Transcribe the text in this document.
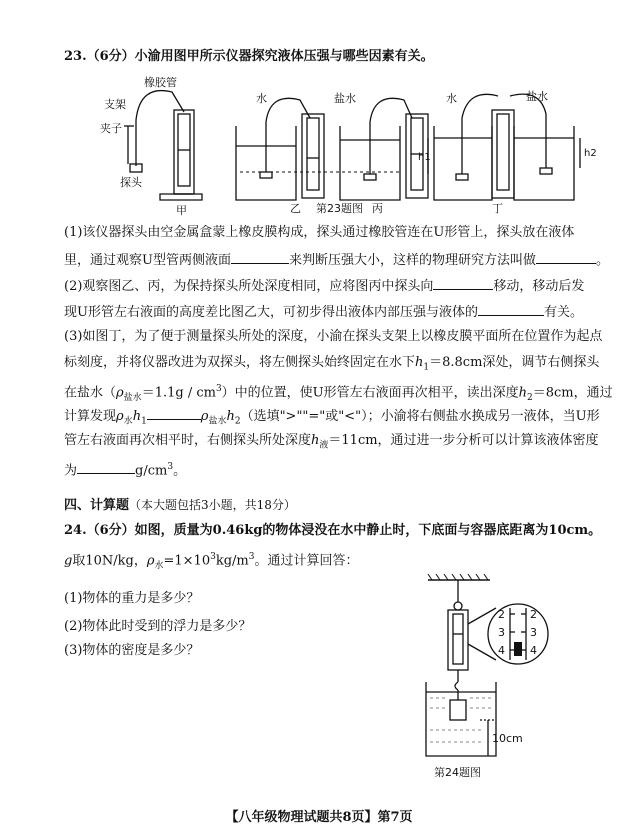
23.（6分）小渝用图甲所示仪器探究液体压强与哪些因素有关。
橡胶管
支架
夹子
探头
甲
水	盐水	水	盐水
h1	h2
乙 第23题图 丙	丁
(1)该仪器探头由空金属盒蒙上橡皮膜构成，探头通过橡胶管连在U形管上，探头放在液体
里，通过观察U型管两侧液面	来判断压强大小，这样的物理研究方法叫做	。
(2)观察图乙、丙，为保持探头所处深度相同，应将图丙中探头向	移动，移动后发
现U形管左右液面的高度差比图乙大，可初步得出液体内部压强与液体的	有关。
(3)如图丁，为了便于测量探头所处的深度，小渝在探头支架上以橡皮膜平面所在位置作为起点
标刻度，并将仪器改进为双探头，将左侧探头始终固定在水下$h_1=8.8cm$深处，调节右侧探头
在盐水$(\rho_{盐水}=1.1g / cm^3)$中的位置，使U形管左右液面再次相平，读出深度$h_2=8cm$，通过
计算发现$\rho_水h_1$	$\rho_{盐水}h_2$（选填">""="或"<"）；小渝将右侧盐水换成另一液体，当U形
管左右液面再次相平时，右侧探头所处深度$h_液=11cm$，通过进一步分析可以计算该液体密度
为	$g/cm^3$。
四、计算题（本大题包括3小题，共18分）
24.（6分）如图，质量为0.46kg的物体浸没在水中静止时，下底面与容器底距离为10cm。
g取10N/kg，$\rho_水=1\times 10^3kg/m^3$。通过计算回答：
(1)物体的重力是多少？
(2)物体此时受到的浮力是多少？
(3)物体的密度是多少？
2
3
4
2
3
4
10cm
第24题图
【八年级物理试题共8页】第7页
